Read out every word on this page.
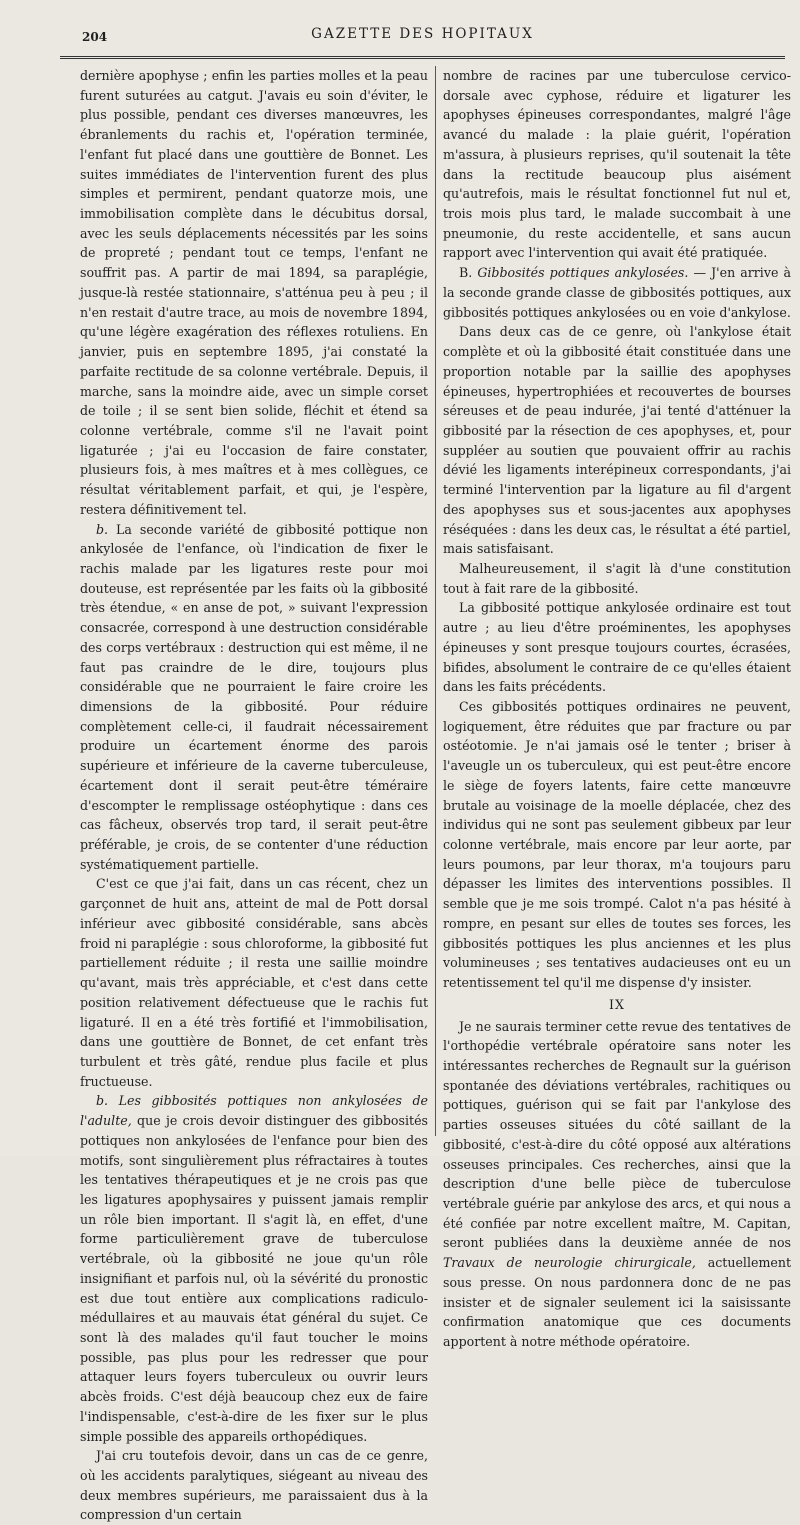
204	GAZETTE DES HOPITAUX

dernière apophyse ; enfin les parties molles et la peau furent suturées au catgut. J'avais eu soin d'éviter, le plus possible, pendant ces diverses manœuvres, les ébranlements du rachis et, l'opération terminée, l'enfant fut placé dans une gouttière de Bonnet. Les suites immédiates de l'intervention furent des plus simples et permirent, pendant quatorze mois, une immobilisation complète dans le décubitus dorsal, avec les seuls déplacements nécessités par les soins de propreté ; pendant tout ce temps, l'enfant ne souffrit pas. A partir de mai 1894, sa paraplégie, jusque-là restée stationnaire, s'atténua peu à peu ; il n'en restait d'autre trace, au mois de novembre 1894, qu'une légère exagération des réflexes rotuliens. En janvier, puis en septembre 1895, j'ai constaté la parfaite rectitude de sa colonne vertébrale. Depuis, il marche, sans la moindre aide, avec un simple corset de toile ; il se sent bien solide, fléchit et étend sa colonne vertébrale, comme s'il ne l'avait point ligaturée ; j'ai eu l'occasion de faire constater, plusieurs fois, à mes maîtres et à mes collègues, ce résultat véritablement parfait, et qui, je l'espère, restera définitivement tel.

b. La seconde variété de gibbosité pottique non ankylosée de l'enfance, où l'indication de fixer le rachis malade par les ligatures reste pour moi douteuse, est représentée par les faits où la gibbosité très étendue, « en anse de pot, » suivant l'expression consacrée, correspond à une destruction considérable des corps vertébraux : destruction qui est même, il ne faut pas craindre de le dire, toujours plus considérable que ne pourraient le faire croire les dimensions de la gibbosité. Pour réduire complètement celle-ci, il faudrait nécessairement produire un écartement énorme des parois supérieure et inférieure de la caverne tuberculeuse, écartement dont il serait peut-être téméraire d'escompter le remplissage ostéophytique : dans ces cas fâcheux, observés trop tard, il serait peut-être préférable, je crois, de se contenter d'une réduction systématiquement partielle.

C'est ce que j'ai fait, dans un cas récent, chez un garçonnet de huit ans, atteint de mal de Pott dorsal inférieur avec gibbosité considérable, sans abcès froid ni paraplégie : sous chloroforme, la gibbosité fut partiellement réduite ; il resta une saillie moindre qu'avant, mais très appréciable, et c'est dans cette position relativement défectueuse que le rachis fut ligaturé. Il en a été très fortifié et l'immobilisation, dans une gouttière de Bonnet, de cet enfant très turbulent et très gâté, rendue plus facile et plus fructueuse.

b. Les gibbosités pottiques non ankylosées de l'adulte, que je crois devoir distinguer des gibbosités pottiques non ankylosées de l'enfance pour bien des motifs, sont singulièrement plus réfractaires à toutes les tentatives thérapeutiques et je ne crois pas que les ligatures apophysaires y puissent jamais remplir un rôle bien important. Il s'agit là, en effet, d'une forme particulièrement grave de tuberculose vertébrale, où la gibbosité ne joue qu'un rôle insignifiant et parfois nul, où la sévérité du pronostic est due tout entière aux complications radiculo-médullaires et au mauvais état général du sujet. Ce sont là des malades qu'il faut toucher le moins possible, pas plus pour les redresser que pour attaquer leurs foyers tuberculeux ou ouvrir leurs abcès froids. C'est déjà beaucoup chez eux de faire l'indispensable, c'est-à-dire de les fixer sur le plus simple possible des appareils orthopédiques.

J'ai cru toutefois devoir, dans un cas de ce genre, où les accidents paralytiques, siégeant au niveau des deux membres supérieurs, me paraissaient dus à la compression d'un certain

nombre de racines par une tuberculose cervico-dorsale avec cyphose, réduire et ligaturer les apophyses épineuses correspondantes, malgré l'âge avancé du malade : la plaie guérit, l'opération m'assura, à plusieurs reprises, qu'il soutenait la tête dans la rectitude beaucoup plus aisément qu'autrefois, mais le résultat fonctionnel fut nul et, trois mois plus tard, le malade succombait à une pneumonie, du reste accidentelle, et sans aucun rapport avec l'intervention qui avait été pratiquée.

B. Gibbosités pottiques ankylosées. — J'en arrive à la seconde grande classe de gibbosités pottiques, aux gibbosités pottiques ankylosées ou en voie d'ankylose.

Dans deux cas de ce genre, où l'ankylose était complète et où la gibbosité était constituée dans une proportion notable par la saillie des apophyses épineuses, hypertrophiées et recouvertes de bourses séreuses et de peau indurée, j'ai tenté d'atténuer la gibbosité par la résection de ces apophyses, et, pour suppléer au soutien que pouvaient offrir au rachis dévié les ligaments interépineux correspondants, j'ai terminé l'intervention par la ligature au fil d'argent des apophyses sus et sous-jacentes aux apophyses réséquées : dans les deux cas, le résultat a été partiel, mais satisfaisant.

Malheureusement, il s'agit là d'une constitution tout à fait rare de la gibbosité.

La gibbosité pottique ankylosée ordinaire est tout autre ; au lieu d'être proéminentes, les apophyses épineuses y sont presque toujours courtes, écrasées, bifides, absolument le contraire de ce qu'elles étaient dans les faits précédents.

Ces gibbosités pottiques ordinaires ne peuvent, logiquement, être réduites que par fracture ou par ostéotomie. Je n'ai jamais osé le tenter ; briser à l'aveugle un os tuberculeux, qui est peut-être encore le siège de foyers latents, faire cette manœuvre brutale au voisinage de la moelle déplacée, chez des individus qui ne sont pas seulement gibbeux par leur colonne vertébrale, mais encore par leur aorte, par leurs poumons, par leur thorax, m'a toujours paru dépasser les limites des interventions possibles. Il semble que je me sois trompé. Calot n'a pas hésité à rompre, en pesant sur elles de toutes ses forces, les gibbosités pottiques les plus anciennes et les plus volumineuses ; ses tentatives audacieuses ont eu un retentissement tel qu'il me dispense d'y insister.

IX

Je ne saurais terminer cette revue des tentatives de l'orthopédie vertébrale opératoire sans noter les intéressantes recherches de Regnault sur la guérison spontanée des déviations vertébrales, rachitiques ou pottiques, guérison qui se fait par l'ankylose des parties osseuses situées du côté saillant de la gibbosité, c'est-à-dire du côté opposé aux altérations osseuses principales. Ces recherches, ainsi que la description d'une belle pièce de tuberculose vertébrale guérie par ankylose des arcs, et qui nous a été confiée par notre excellent maître, M. Capitan, seront publiées dans la deuxième année de nos Travaux de neurologie chirurgicale, actuellement sous presse. On nous pardonnera donc de ne pas insister et de signaler seulement ici la saisissante confirmation anatomique que ces documents apportent à notre méthode opératoire.
